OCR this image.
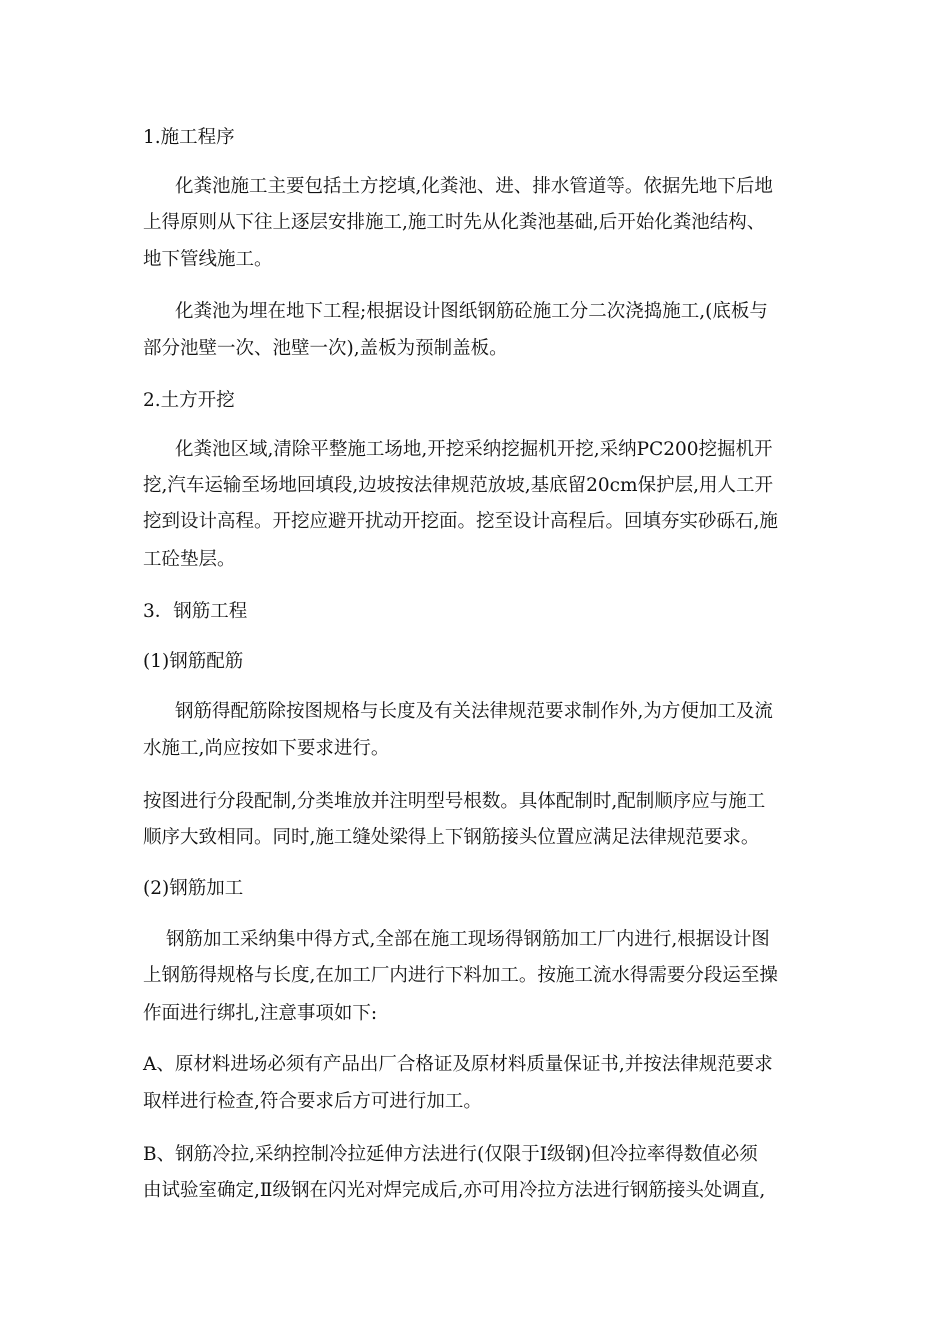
1.施工程序
化粪池施工主要包括土方挖填,化粪池、进、排水管道等。依据先地下后地
上得原则从下往上逐层安排施工,施工时先从化粪池基础,后开始化粪池结构、
地下管线施工。
化粪池为埋在地下工程;根据设计图纸钢筋砼施工分二次浇捣施工,(底板与
部分池壁一次、池壁一次),盖板为预制盖板。
2.土方开挖
化粪池区域,清除平整施工场地,开挖采纳挖掘机开挖,采纳PC200挖掘机开
挖,汽车运输至场地回填段,边坡按法律规范放坡,基底留20cm保护层,用人工开
挖到设计高程。开挖应避开扰动开挖面。挖至设计高程后。回填夯实砂砾石,施
工砼垫层。
3．钢筋工程
(1)钢筋配筋
钢筋得配筋除按图规格与长度及有关法律规范要求制作外,为方便加工及流
水施工,尚应按如下要求进行。
按图进行分段配制,分类堆放并注明型号根数。具体配制时,配制顺序应与施工
顺序大致相同。同时,施工缝处梁得上下钢筋接头位置应满足法律规范要求。
(2)钢筋加工
钢筋加工采纳集中得方式,全部在施工现场得钢筋加工厂内进行,根据设计图
上钢筋得规格与长度,在加工厂内进行下料加工。按施工流水得需要分段运至操
作面进行绑扎,注意事项如下:
A、原材料进场必须有产品出厂合格证及原材料质量保证书,并按法律规范要求
取样进行检查,符合要求后方可进行加工。
B、钢筋冷拉,采纳控制冷拉延伸方法进行(仅限于Ⅰ级钢)但冷拉率得数值必须
由试验室确定,Ⅱ级钢在闪光对焊完成后,亦可用冷拉方法进行钢筋接头处调直,
